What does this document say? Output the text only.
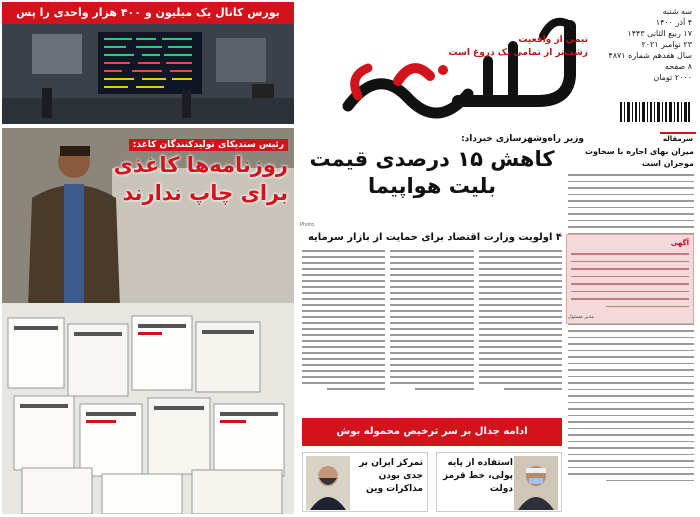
تیمی از واقعیت
زشت‌تر از تمامی یک دروغ است
سه شنبه
۴ آذر ۱۴۰۰
۱۷ ربیع الثانی ۱۴۴۳
۲۳ نوامبر ۲۰۲۱
سال هفدهم شماره ۴۸۷۱
۸ صفحه
۲۰۰۰ تومان
بورس کانال یک میلیون و ۴۰۰ هزار واحدی را پس
رئیس سندیکای تولیدکنندگان کاغذ:
روزنامه‌ها کاغذی
برای چاپ ندارند
وزیر راه‌وشهرسازی خبرداد:
کاهش ۱۵ درصدی قیمت
بلیت هواپیما
Photo
۴ اولویت وزارت اقتصاد برای حمایت از بازار سرمایه
ادامه جدال بر سر ترخیص محموله بوش
استفاده از پایه پولی، خط قرمز دولت
تمرکز ایران بر جدی بودن مذاکرات وین
سرمقاله
میزان بهای اجاره با سخاوت موجران است
آگهی
مدیر مسئول
